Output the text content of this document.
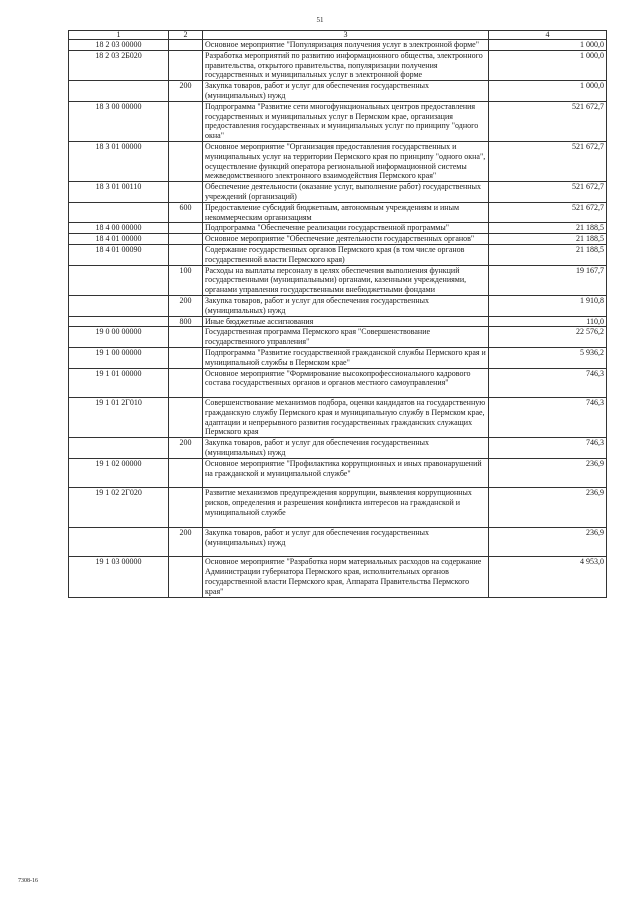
51
1	2	3	4
18 2 03 00000		Основное мероприятие "Популяризация получения услуг в электронной форме"	1 000,0
18 2 03 2Б020		Разработка мероприятий по развитию информационного общества, электронного правительства, открытого правительства, популяризации получения государственных и муниципальных услуг в электронной форме	1 000,0
	200	Закупка товаров, работ и услуг для обеспечения государственных (муниципальных) нужд	1 000,0
18 3 00 00000		Подпрограмма "Развитие сети многофункциональных центров предоставления государственных и муниципальных услуг в Пермском крае, организация предоставления государственных и муниципальных услуг по принципу "одного окна"	521 672,7
18 3 01 00000		Основное мероприятие "Организация предоставления государственных и муниципальных услуг на территории Пермского края по принципу "одного окна", осуществление функций оператора региональной информационной системы межведомственного электронного взаимодействия Пермского края"	521 672,7
18 3 01 00110		Обеспечение деятельности (оказание услуг, выполнение работ) государственных учреждений (организаций)	521 672,7
	600	Предоставление субсидий бюджетным, автономным учреждениям и иным некоммерческим организациям	521 672,7
18 4 00 00000		Подпрограмма "Обеспечение реализации государственной программы"	21 188,5
18 4 01 00000		Основное мероприятие "Обеспечение деятельности государственных органов"	21 188,5
18 4 01 00090		Содержание государственных органов Пермского края (в том числе органов государственной власти Пермского края)	21 188,5
	100	Расходы на выплаты персоналу в целях обеспечения выполнения функций государственными (муниципальными) органами, казенными учреждениями, органами управления государственными внебюджетными фондами	19 167,7
	200	Закупка товаров, работ и услуг для обеспечения государственных (муниципальных) нужд	1 910,8
	800	Иные бюджетные ассигнования	110,0
19 0 00 00000		Государственная программа Пермского края "Совершенствование государственного управления"	22 576,2
19 1 00 00000		Подпрограмма "Развитие государственной гражданской службы Пермского края и муниципальной службы в Пермском крае"	5 936,2
19 1 01 00000		Основное мероприятие "Формирование высокопрофессионального кадрового состава государственных органов и органов местного самоуправления"	746,3
19 1 01 2Г010		Совершенствование механизмов подбора, оценки кандидатов на государственную гражданскую службу Пермского края и муниципальную службу в Пермском крае, адаптации и непрерывного развития государственных гражданских служащих Пермского края	746,3
	200	Закупка товаров, работ и услуг для обеспечения государственных (муниципальных) нужд	746,3
19 1 02 00000		Основное мероприятие "Профилактика коррупционных и иных правонарушений на гражданской и муниципальной службе"	236,9
19 1 02 2Г020		Развитие механизмов предупреждения коррупции, выявления коррупционных рисков, определения и разрешения конфликта интересов на гражданской и муниципальной службе	236,9
	200	Закупка товаров, работ и услуг для обеспечения государственных (муниципальных) нужд	236,9
19 1 03 00000		Основное мероприятие "Разработка норм материальных расходов на содержание Администрации губернатора Пермского края, исполнительных органов государственной власти Пермского края, Аппарата Правительства Пермского края"	4 953,0
7308-16
